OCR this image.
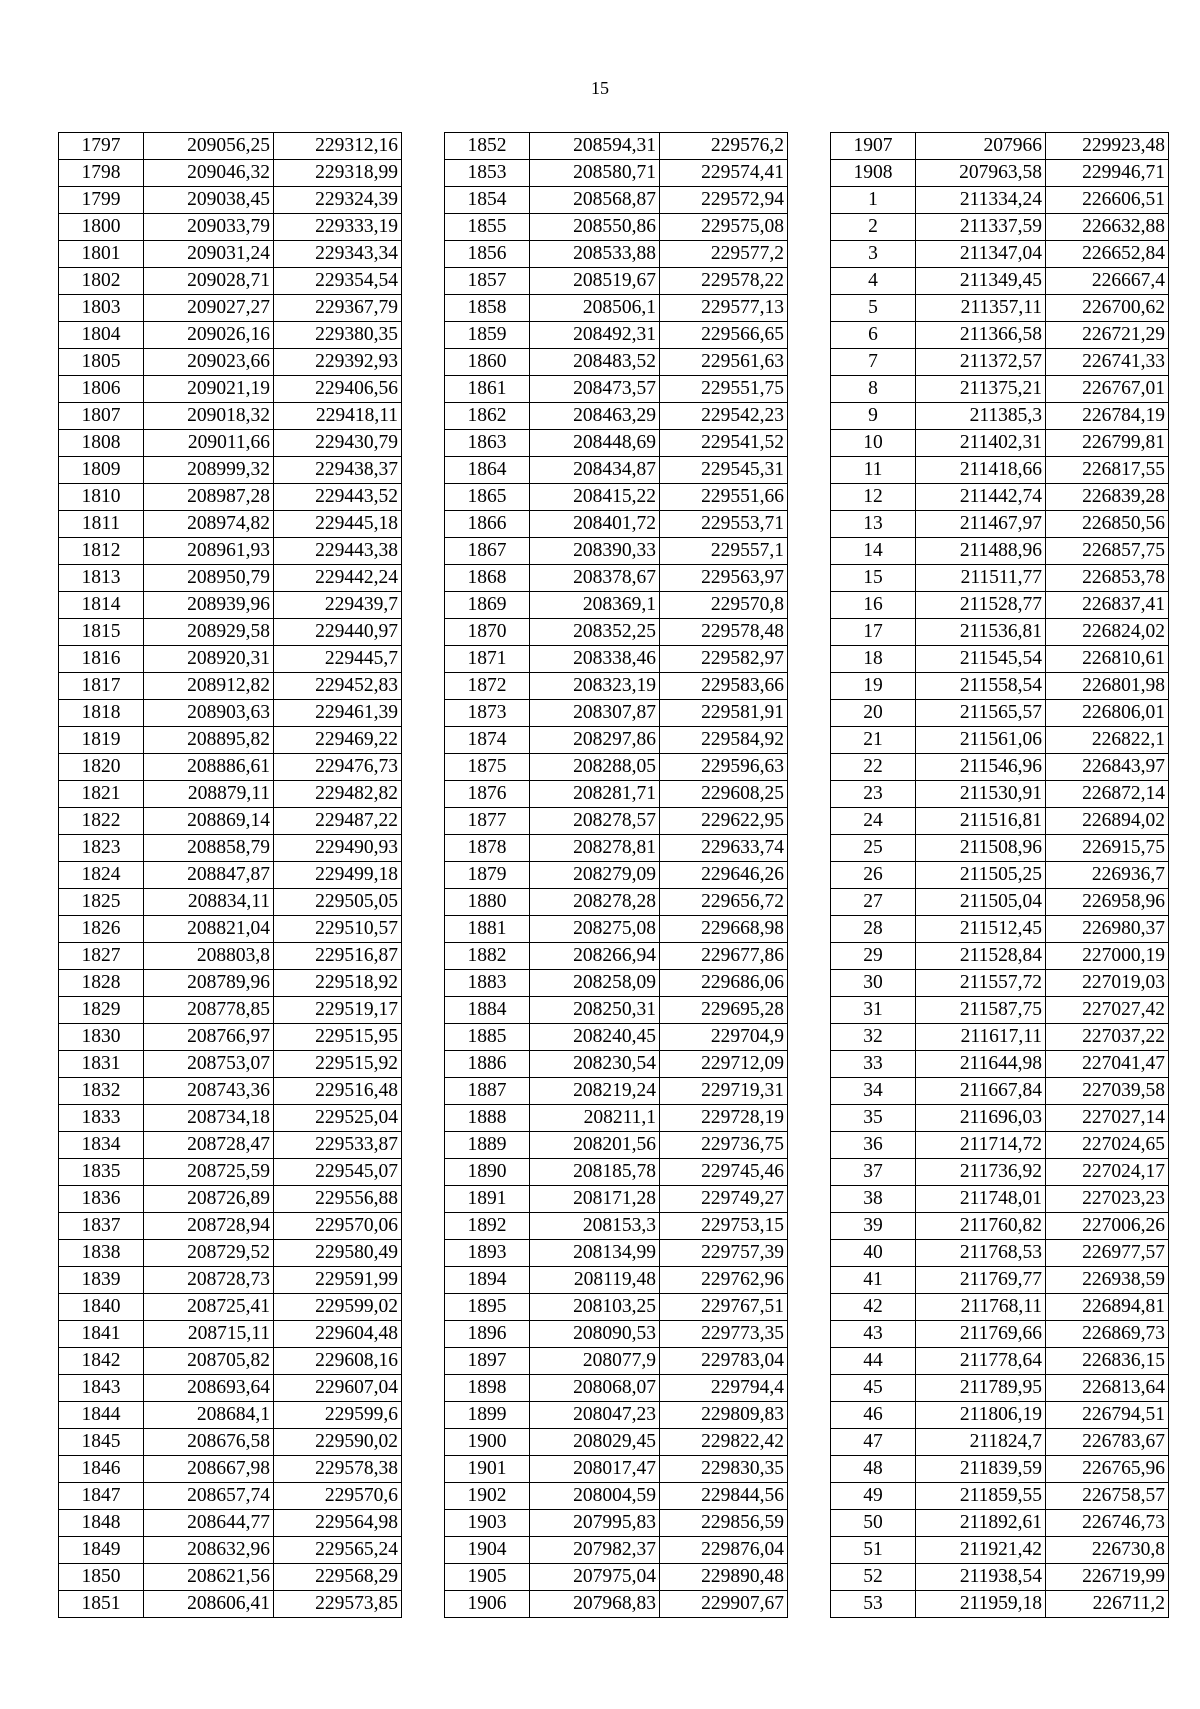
15
1797	209056,25	229312,16
1798	209046,32	229318,99
1799	209038,45	229324,39
1800	209033,79	229333,19
1801	209031,24	229343,34
1802	209028,71	229354,54
1803	209027,27	229367,79
1804	209026,16	229380,35
1805	209023,66	229392,93
1806	209021,19	229406,56
1807	209018,32	229418,11
1808	209011,66	229430,79
1809	208999,32	229438,37
1810	208987,28	229443,52
1811	208974,82	229445,18
1812	208961,93	229443,38
1813	208950,79	229442,24
1814	208939,96	229439,7
1815	208929,58	229440,97
1816	208920,31	229445,7
1817	208912,82	229452,83
1818	208903,63	229461,39
1819	208895,82	229469,22
1820	208886,61	229476,73
1821	208879,11	229482,82
1822	208869,14	229487,22
1823	208858,79	229490,93
1824	208847,87	229499,18
1825	208834,11	229505,05
1826	208821,04	229510,57
1827	208803,8	229516,87
1828	208789,96	229518,92
1829	208778,85	229519,17
1830	208766,97	229515,95
1831	208753,07	229515,92
1832	208743,36	229516,48
1833	208734,18	229525,04
1834	208728,47	229533,87
1835	208725,59	229545,07
1836	208726,89	229556,88
1837	208728,94	229570,06
1838	208729,52	229580,49
1839	208728,73	229591,99
1840	208725,41	229599,02
1841	208715,11	229604,48
1842	208705,82	229608,16
1843	208693,64	229607,04
1844	208684,1	229599,6
1845	208676,58	229590,02
1846	208667,98	229578,38
1847	208657,74	229570,6
1848	208644,77	229564,98
1849	208632,96	229565,24
1850	208621,56	229568,29
1851	208606,41	229573,85
1852	208594,31	229576,2
1853	208580,71	229574,41
1854	208568,87	229572,94
1855	208550,86	229575,08
1856	208533,88	229577,2
1857	208519,67	229578,22
1858	208506,1	229577,13
1859	208492,31	229566,65
1860	208483,52	229561,63
1861	208473,57	229551,75
1862	208463,29	229542,23
1863	208448,69	229541,52
1864	208434,87	229545,31
1865	208415,22	229551,66
1866	208401,72	229553,71
1867	208390,33	229557,1
1868	208378,67	229563,97
1869	208369,1	229570,8
1870	208352,25	229578,48
1871	208338,46	229582,97
1872	208323,19	229583,66
1873	208307,87	229581,91
1874	208297,86	229584,92
1875	208288,05	229596,63
1876	208281,71	229608,25
1877	208278,57	229622,95
1878	208278,81	229633,74
1879	208279,09	229646,26
1880	208278,28	229656,72
1881	208275,08	229668,98
1882	208266,94	229677,86
1883	208258,09	229686,06
1884	208250,31	229695,28
1885	208240,45	229704,9
1886	208230,54	229712,09
1887	208219,24	229719,31
1888	208211,1	229728,19
1889	208201,56	229736,75
1890	208185,78	229745,46
1891	208171,28	229749,27
1892	208153,3	229753,15
1893	208134,99	229757,39
1894	208119,48	229762,96
1895	208103,25	229767,51
1896	208090,53	229773,35
1897	208077,9	229783,04
1898	208068,07	229794,4
1899	208047,23	229809,83
1900	208029,45	229822,42
1901	208017,47	229830,35
1902	208004,59	229844,56
1903	207995,83	229856,59
1904	207982,37	229876,04
1905	207975,04	229890,48
1906	207968,83	229907,67
1907	207966	229923,48
1908	207963,58	229946,71
1	211334,24	226606,51
2	211337,59	226632,88
3	211347,04	226652,84
4	211349,45	226667,4
5	211357,11	226700,62
6	211366,58	226721,29
7	211372,57	226741,33
8	211375,21	226767,01
9	211385,3	226784,19
10	211402,31	226799,81
11	211418,66	226817,55
12	211442,74	226839,28
13	211467,97	226850,56
14	211488,96	226857,75
15	211511,77	226853,78
16	211528,77	226837,41
17	211536,81	226824,02
18	211545,54	226810,61
19	211558,54	226801,98
20	211565,57	226806,01
21	211561,06	226822,1
22	211546,96	226843,97
23	211530,91	226872,14
24	211516,81	226894,02
25	211508,96	226915,75
26	211505,25	226936,7
27	211505,04	226958,96
28	211512,45	226980,37
29	211528,84	227000,19
30	211557,72	227019,03
31	211587,75	227027,42
32	211617,11	227037,22
33	211644,98	227041,47
34	211667,84	227039,58
35	211696,03	227027,14
36	211714,72	227024,65
37	211736,92	227024,17
38	211748,01	227023,23
39	211760,82	227006,26
40	211768,53	226977,57
41	211769,77	226938,59
42	211768,11	226894,81
43	211769,66	226869,73
44	211778,64	226836,15
45	211789,95	226813,64
46	211806,19	226794,51
47	211824,7	226783,67
48	211839,59	226765,96
49	211859,55	226758,57
50	211892,61	226746,73
51	211921,42	226730,8
52	211938,54	226719,99
53	211959,18	226711,2
